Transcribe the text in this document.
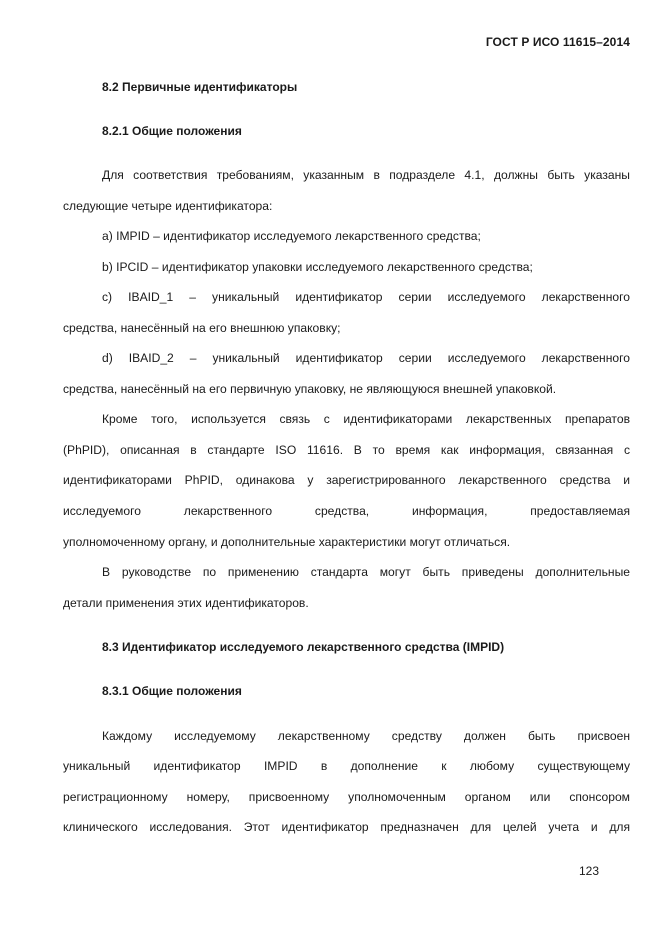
ГОСТ Р ИСО 11615–2014
8.2 Первичные идентификаторы
8.2.1 Общие положения
Для соответствия требованиям, указанным в подразделе 4.1, должны быть указаны
следующие четыре идентификатора:
a) IMPID – идентификатор исследуемого лекарственного средства;
b) IPCID – идентификатор упаковки исследуемого лекарственного средства;
c) IBAID_1 – уникальный идентификатор серии исследуемого лекарственного
средства, нанесённый на его внешнюю упаковку;
d) IBAID_2 – уникальный идентификатор серии исследуемого лекарственного
средства, нанесённый на его первичную упаковку, не являющуюся внешней упаковкой.
Кроме того, используется связь с идентификаторами лекарственных препаратов
(PhPID), описанная в стандарте ISO 11616. В то время как информация, связанная с
идентификаторами PhPID, одинакова у зарегистрированного лекарственного средства и
исследуемого лекарственного средства, информация, предоставляемая
уполномоченному органу, и дополнительные характеристики могут отличаться.
В руководстве по применению стандарта могут быть приведены дополнительные
детали применения этих идентификаторов.
8.3 Идентификатор исследуемого лекарственного средства (IMPID)
8.3.1 Общие положения
Каждому исследуемому лекарственному средству должен быть присвоен
уникальный идентификатор IMPID в дополнение к любому существующему
регистрационному номеру, присвоенному уполномоченным органом или спонсором
клинического исследования. Этот идентификатор предназначен для целей учета и для
123
